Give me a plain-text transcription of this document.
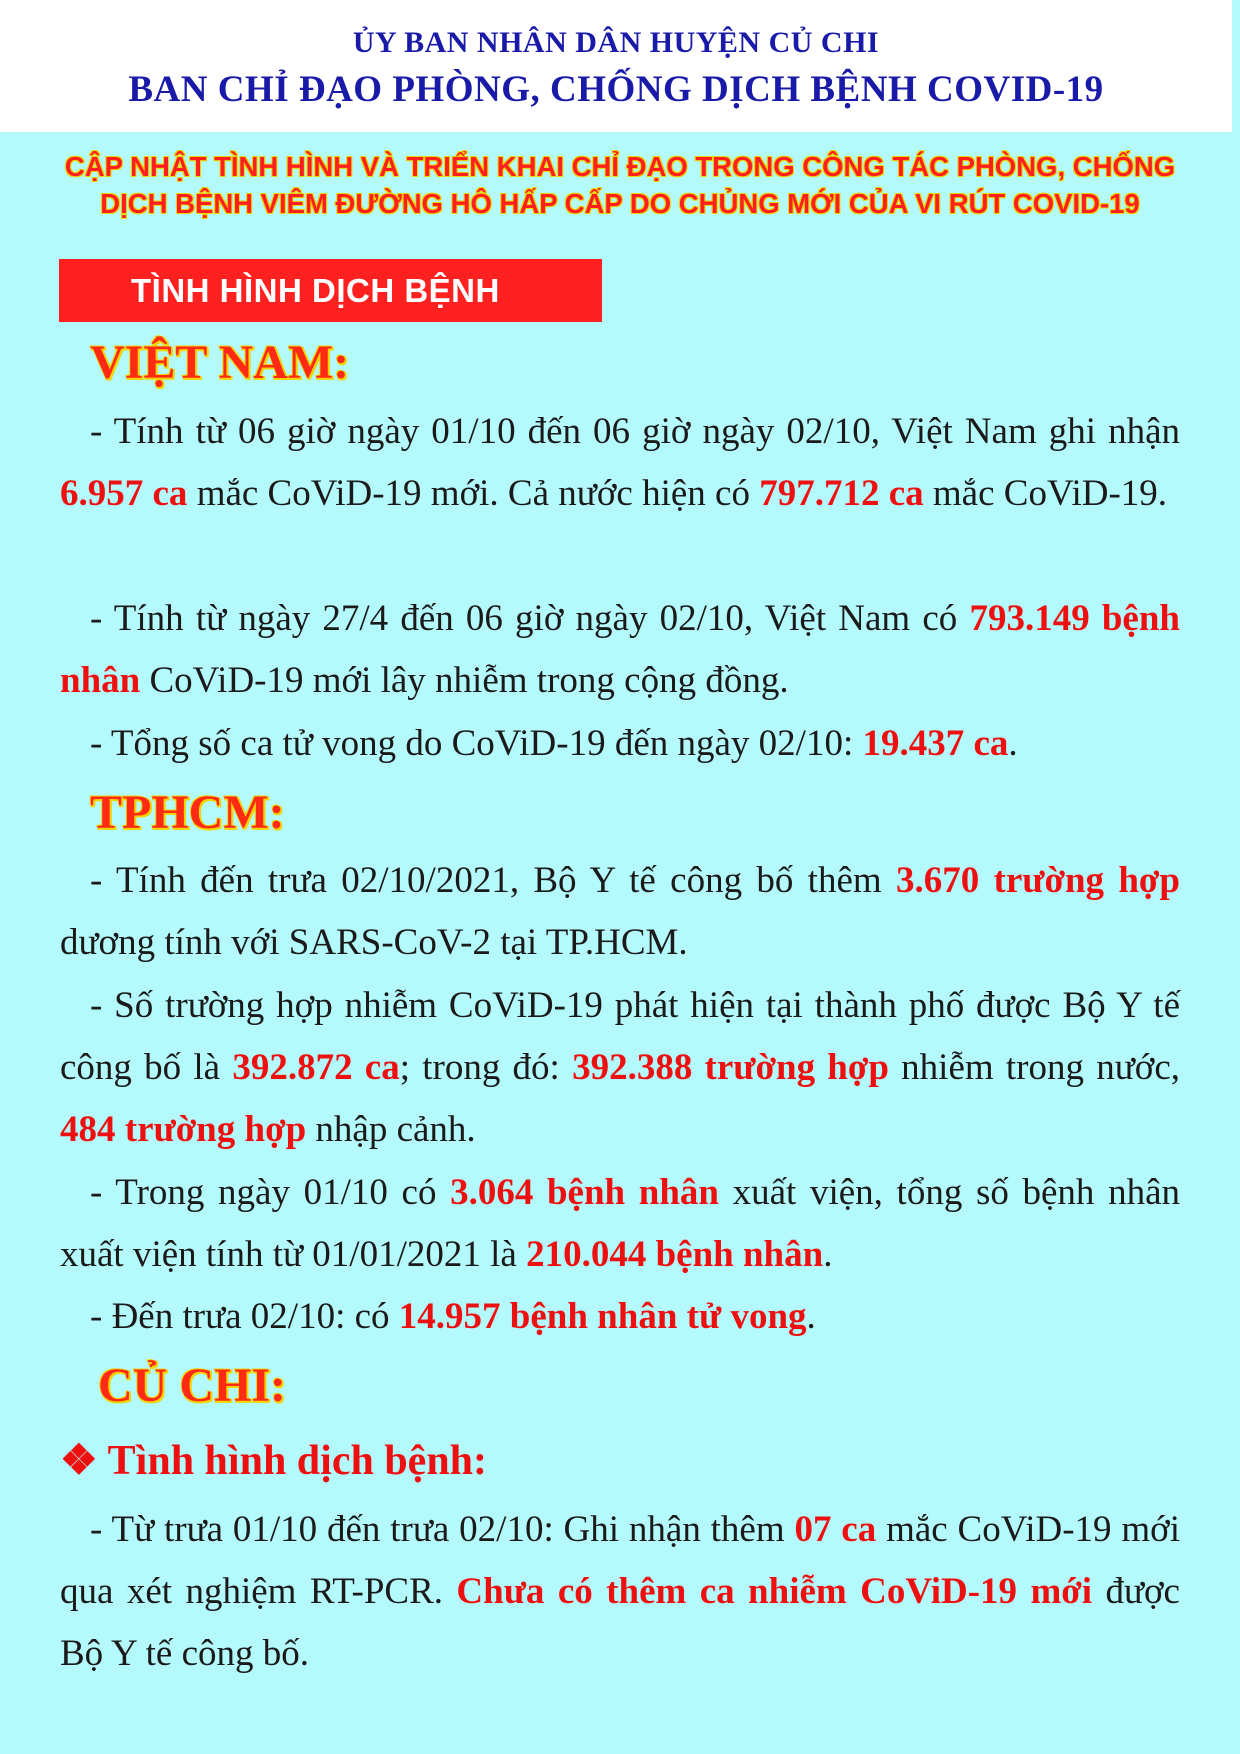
ỦY BAN NHÂN DÂN HUYỆN CỦ CHI
BAN CHỈ ĐẠO PHÒNG, CHỐNG DỊCH BỆNH COVID-19
CẬP NHẬT TÌNH HÌNH VÀ TRIỂN KHAI CHỈ ĐẠO TRONG CÔNG TÁC PHÒNG, CHỐNG
DỊCH BỆNH VIÊM ĐƯỜNG HÔ HẤP CẤP DO CHỦNG MỚI CỦA VI RÚT COVID-19
TÌNH HÌNH DỊCH BỆNH
VIỆT NAM:
- Tính từ 06 giờ ngày 01/10 đến 06 giờ ngày 02/10, Việt Nam ghi nhận 6.957 ca mắc CoViD-19 mới. Cả nước hiện có 797.712 ca mắc CoViD-19.
- Tính từ ngày 27/4 đến 06 giờ ngày 02/10, Việt Nam có 793.149 bệnh nhân CoViD-19 mới lây nhiễm trong cộng đồng.
- Tổng số ca tử vong do CoViD-19 đến ngày 02/10: 19.437 ca.
TPHCM:
- Tính đến trưa 02/10/2021, Bộ Y tế công bố thêm 3.670 trường hợp dương tính với SARS-CoV-2 tại TP.HCM.
- Số trường hợp nhiễm CoViD-19 phát hiện tại thành phố được Bộ Y tế công bố là 392.872 ca; trong đó: 392.388 trường hợp nhiễm trong nước, 484 trường hợp nhập cảnh.
- Trong ngày 01/10 có 3.064 bệnh nhân xuất viện, tổng số bệnh nhân xuất viện tính từ 01/01/2021 là 210.044 bệnh nhân.
- Đến trưa 02/10: có 14.957 bệnh nhân tử vong.
CỦ CHI:
❖ Tình hình dịch bệnh:
- Từ trưa 01/10 đến trưa 02/10: Ghi nhận thêm 07 ca mắc CoViD-19 mới qua xét nghiệm RT-PCR. Chưa có thêm ca nhiễm CoViD-19 mới được Bộ Y tế công bố.
